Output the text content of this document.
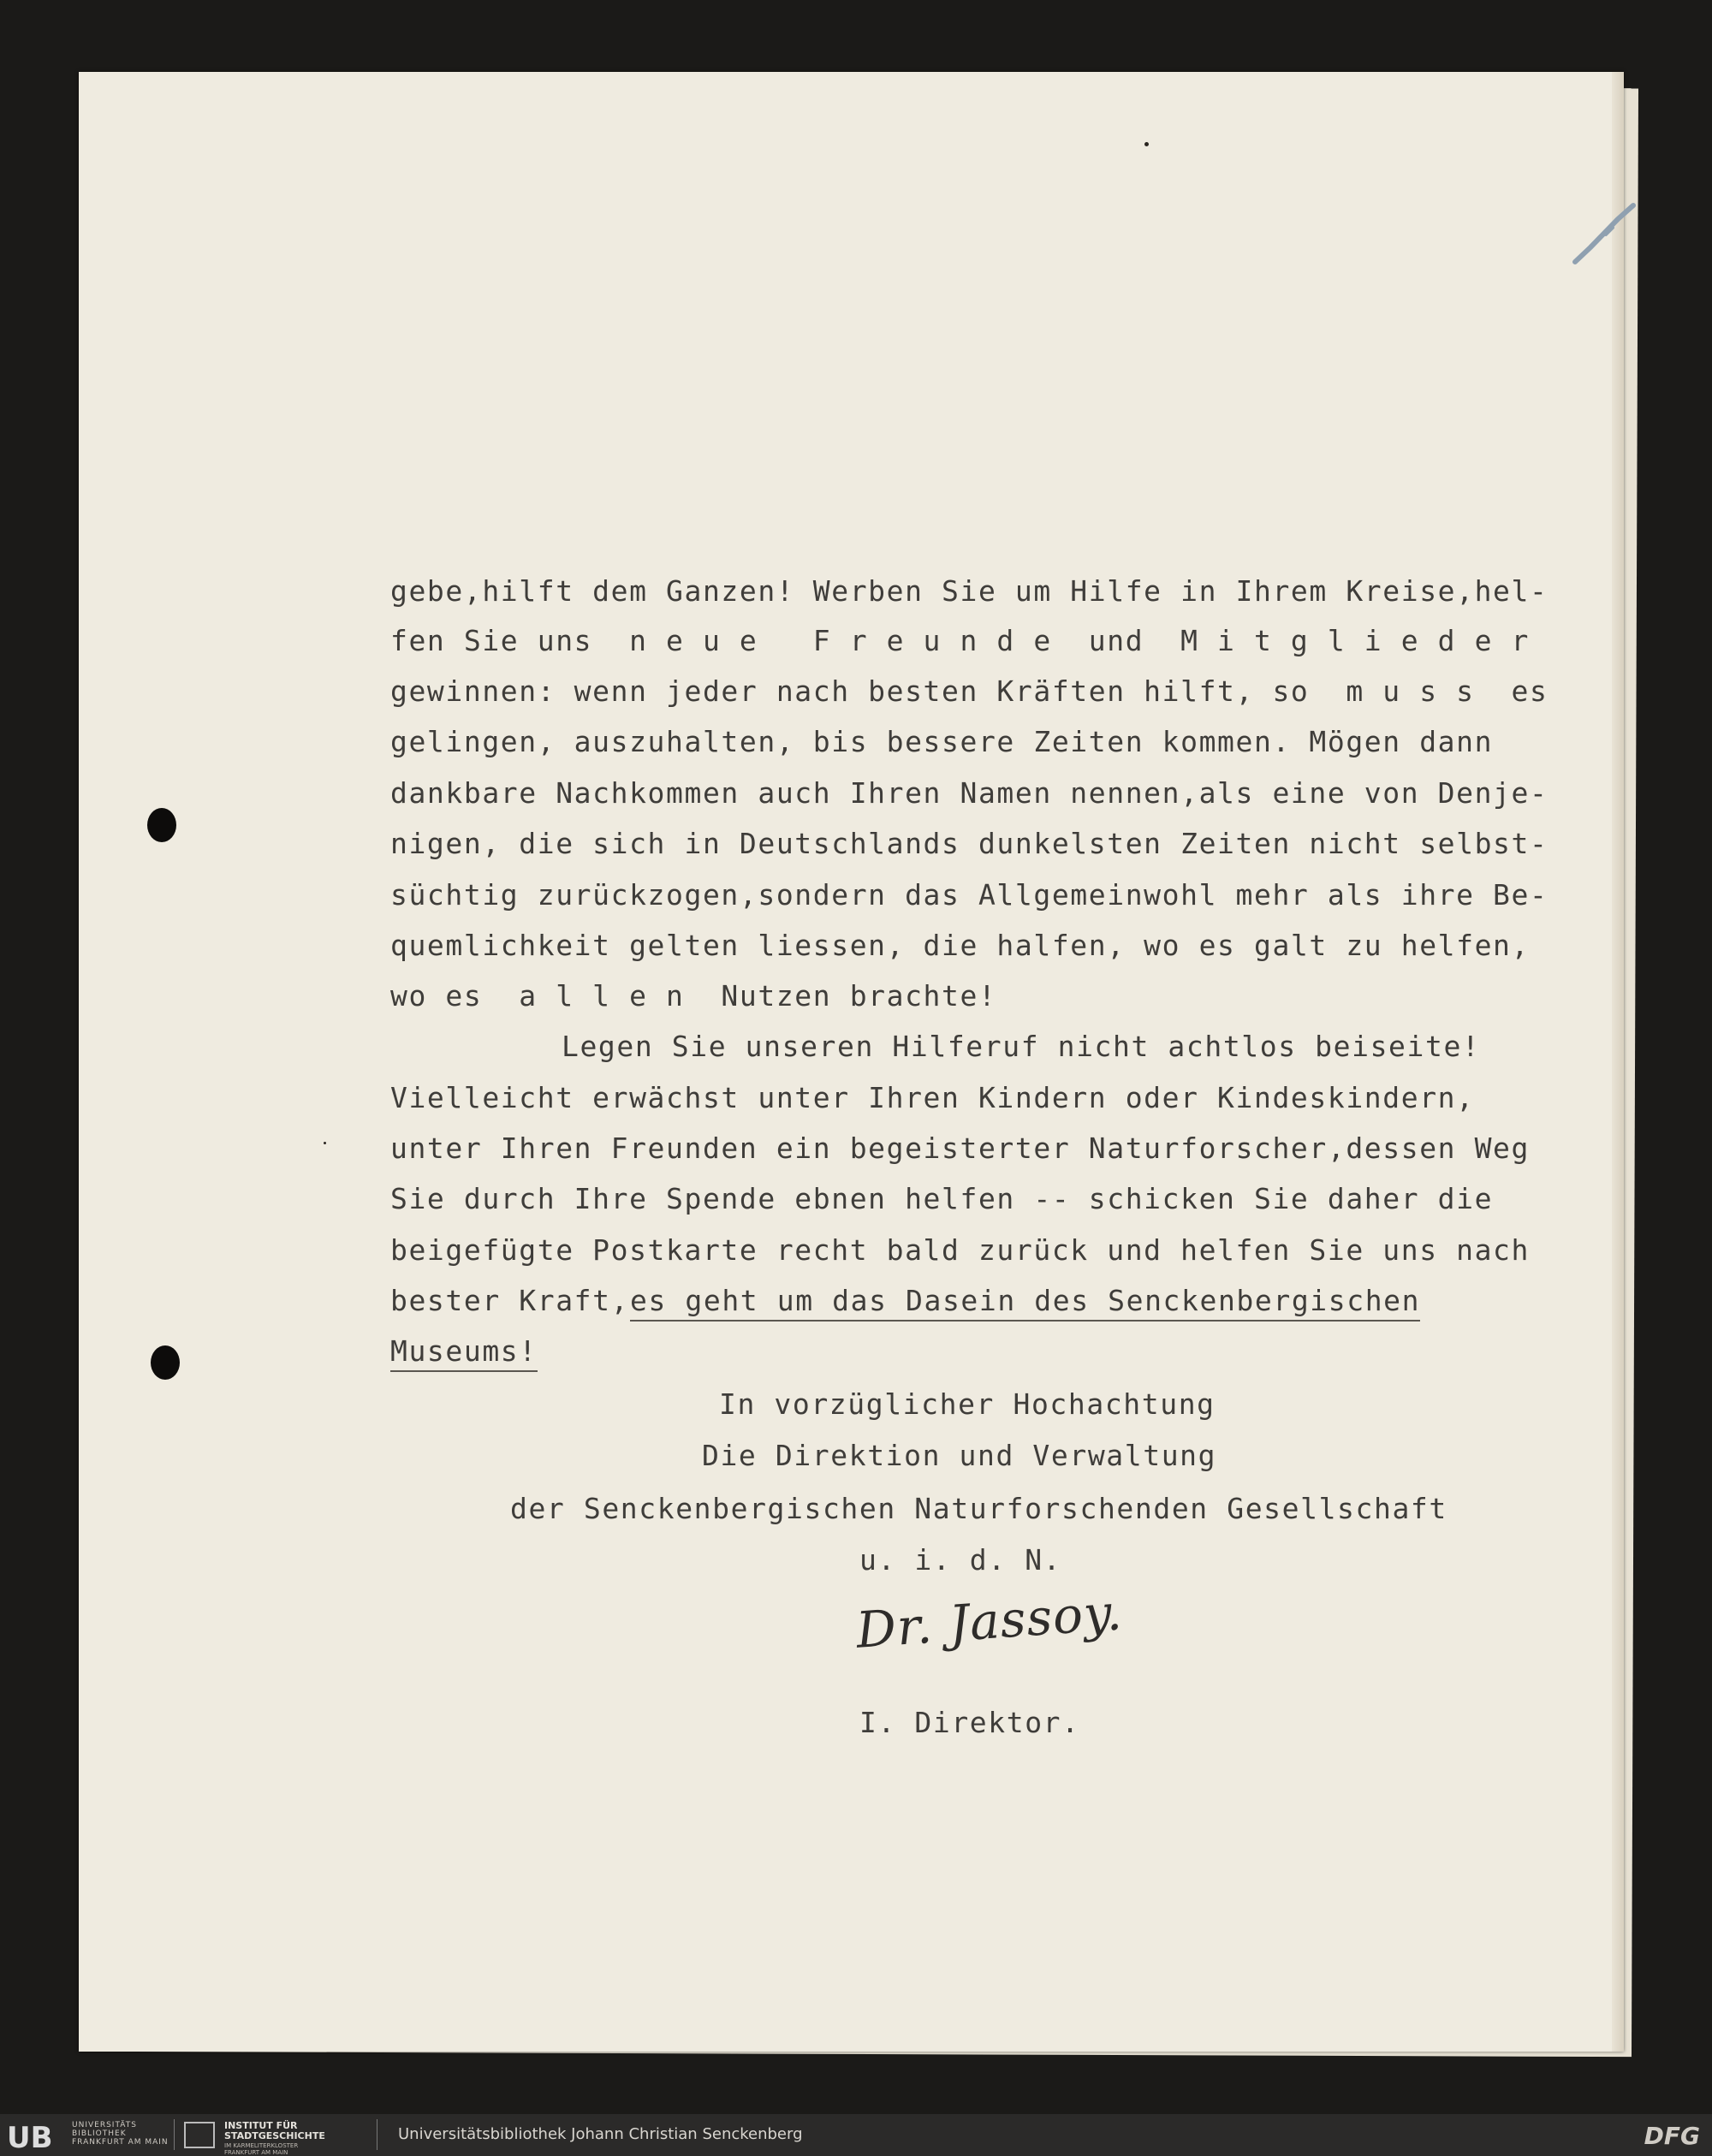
gebe,hilft dem Ganzen! Werben Sie um Hilfe in Ihrem Kreise,hel-
fen Sie uns  n e u e   F r e u n d e  und  M i t g l i e d e r
gewinnen: wenn jeder nach besten Kräften hilft, so  m u s s  es
gelingen, auszuhalten, bis bessere Zeiten kommen. Mögen dann
dankbare Nachkommen auch Ihren Namen nennen,als eine von Denje-
nigen, die sich in Deutschlands dunkelsten Zeiten nicht selbst-
süchtig zurückzogen,sondern das Allgemeinwohl mehr als ihre Be-
quemlichkeit gelten liessen, die halfen, wo es galt zu helfen,
wo es  a l l e n  Nutzen brachte!
Legen Sie unseren Hilferuf nicht achtlos beiseite!
Vielleicht erwächst unter Ihren Kindern oder Kindeskindern,
unter Ihren Freunden ein begeisterter Naturforscher,dessen Weg
Sie durch Ihre Spende ebnen helfen -- schicken Sie daher die
beigefügte Postkarte recht bald zurück und helfen Sie uns nach
bester Kraft,
es geht um das Dasein des Senckenbergischen
Museums!
In vorzüglicher Hochachtung
Die Direktion und Verwaltung
der Senckenbergischen Naturforschenden Gesellschaft
u. i. d. N.
I. Direktor.
Dr. Jassoy.
UB UNIVERSITÄTS
BIBLIOTHEK
FRANKFURT AM MAIN
INSTITUT FÜR
STADTGESCHICHTE
IM KARMELITERKLOSTER
FRANKFURT AM MAIN
Universitätsbibliothek Johann Christian Senckenberg	DFG
